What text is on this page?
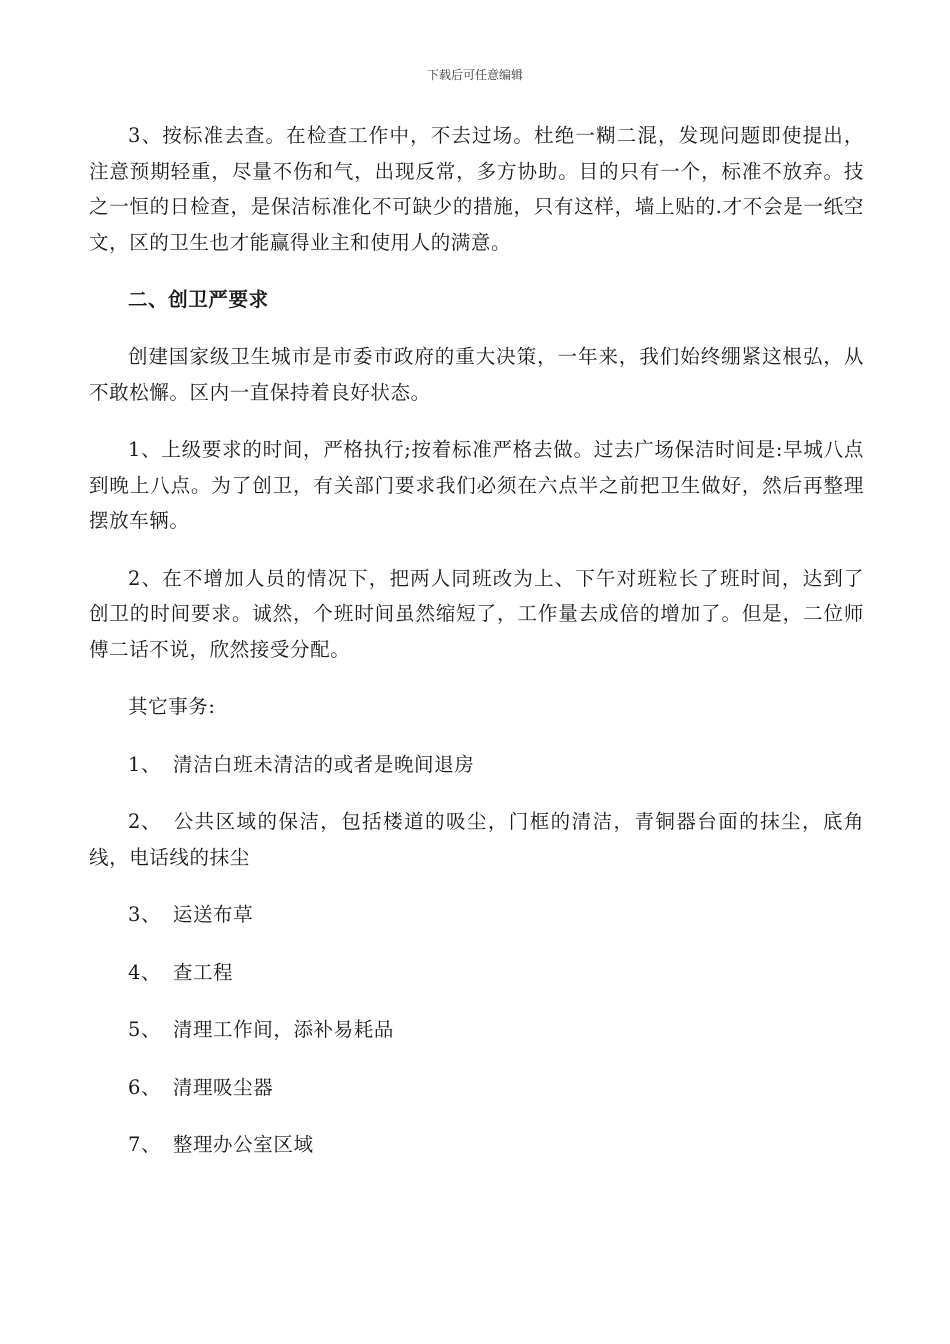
下载后可任意编辑

3、按标准去查。在检查工作中，不去过场。杜绝一糊二混，发现问题即使提出，注意预期轻重，尽量不伤和气，出现反常，多方协助。目的只有一个，标准不放弃。技之一恒的日检查，是保洁标准化不可缺少的措施，只有这样，墙上贴的.才不会是一纸空文，区的卫生也才能赢得业主和使用人的满意。

二、创卫严要求

创建国家级卫生城市是市委市政府的重大决策，一年来，我们始终绷紧这根弘，从不敢松懈。区内一直保持着良好状态。

1、上级要求的时间，严格执行;按着标准严格去做。过去广场保洁时间是:早城八点到晚上八点。为了创卫，有关部门要求我们必须在六点半之前把卫生做好，然后再整理摆放车辆。

2、在不增加人员的情况下，把两人同班改为上、下午对班粒长了班时间，达到了创卫的时间要求。诚然，个班时间虽然缩短了，工作量去成倍的增加了。但是，二位师傅二话不说，欣然接受分配。

其它事务:

1、 清洁白班未清洁的或者是晚间退房

2、 公共区域的保洁，包括楼道的吸尘，门框的清洁，青铜器台面的抹尘，底角线，电话线的抹尘

3、 运送布草

4、 查工程

5、 清理工作间，添补易耗品

6、 清理吸尘器

7、 整理办公室区域
